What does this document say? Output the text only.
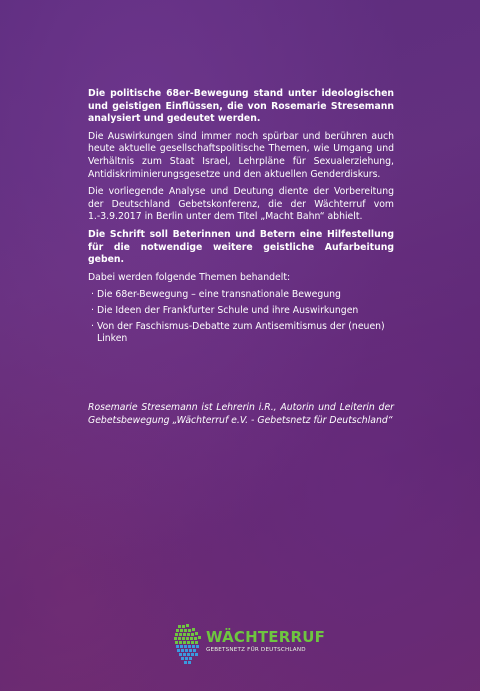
Die politische 68er-Bewegung stand unter ideologischen und geistigen Einflüssen, die von Rosemarie Stresemann analysiert und gedeutet werden.

Die Auswirkungen sind immer noch spürbar und berühren auch heute aktuelle gesellschaftspolitische Themen, wie Umgang und Verhältnis zum Staat Israel, Lehrpläne für Sexualerziehung, Antidiskriminierungsgesetze und den aktuellen Genderdiskurs.

Die vorliegende Analyse und Deutung diente der Vorbereitung der Deutschland Gebetskonferenz, die der Wächterruf vom 1.-3.9.2017 in Berlin unter dem Titel „Macht Bahn“ abhielt.

Die Schrift soll Beterinnen und Betern eine Hilfestellung für die notwendige weitere geistliche Aufarbeitung geben.

Dabei werden folgende Themen behandelt:

· Die 68er-Bewegung – eine transnationale Bewegung
· Die Ideen der Frankfurter Schule und ihre Auswirkungen
· Von der Faschismus-Debatte zum Antisemitismus der (neuen) Linken

Rosemarie Stresemann ist Lehrerin i.R., Autorin und Leiterin der Gebetsbewegung „Wächterruf e.V. - Gebetsnetz für Deutschland“

WÄCHTERRUF
GEBETSNETZ FÜR DEUTSCHLAND
